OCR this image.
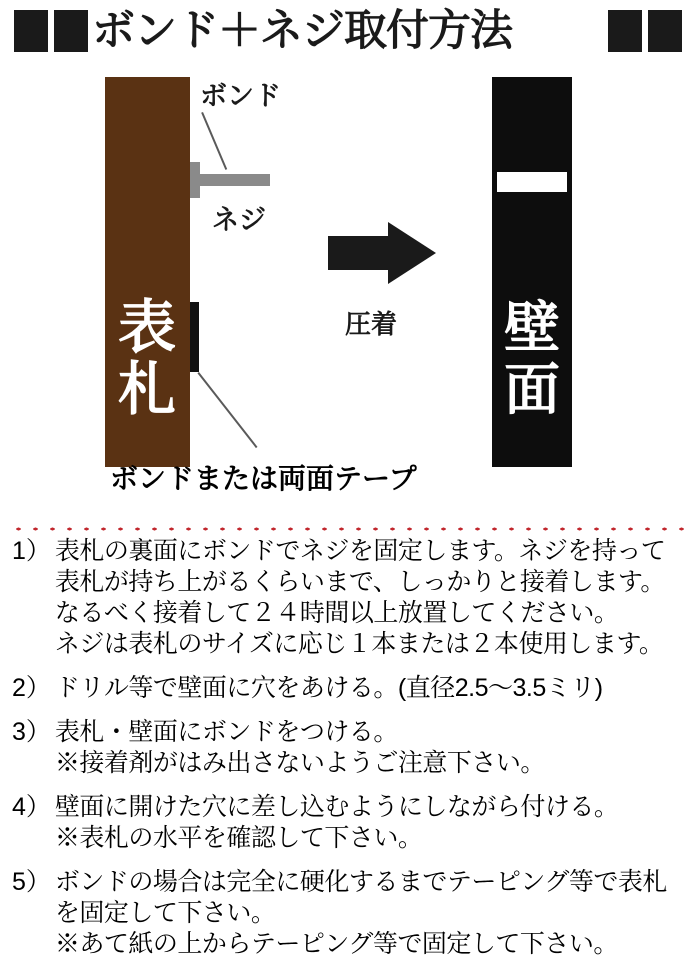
ボンド＋ネジ取付方法
表札
ボンド
ネジ
圧着 壁面
ボンドまたは両面テープ
1） 表札の裏面にボンドでネジを固定します。ネジを持って
表札が持ち上がるくらいまで、しっかりと接着します。
なるべく接着して２４時間以上放置してください。
ネジは表札のサイズに応じ１本または２本使用します。
2） ドリル等で壁面に穴をあける。(直径2.5〜3.5ミリ)
3） 表札・壁面にボンドをつける。
※接着剤がはみ出さないようご注意下さい。
4） 壁面に開けた穴に差し込むようにしながら付ける。
※表札の水平を確認して下さい。
5） ボンドの場合は完全に硬化するまでテーピング等で表札
を固定して下さい。
※あて紙の上からテーピング等で固定して下さい。
